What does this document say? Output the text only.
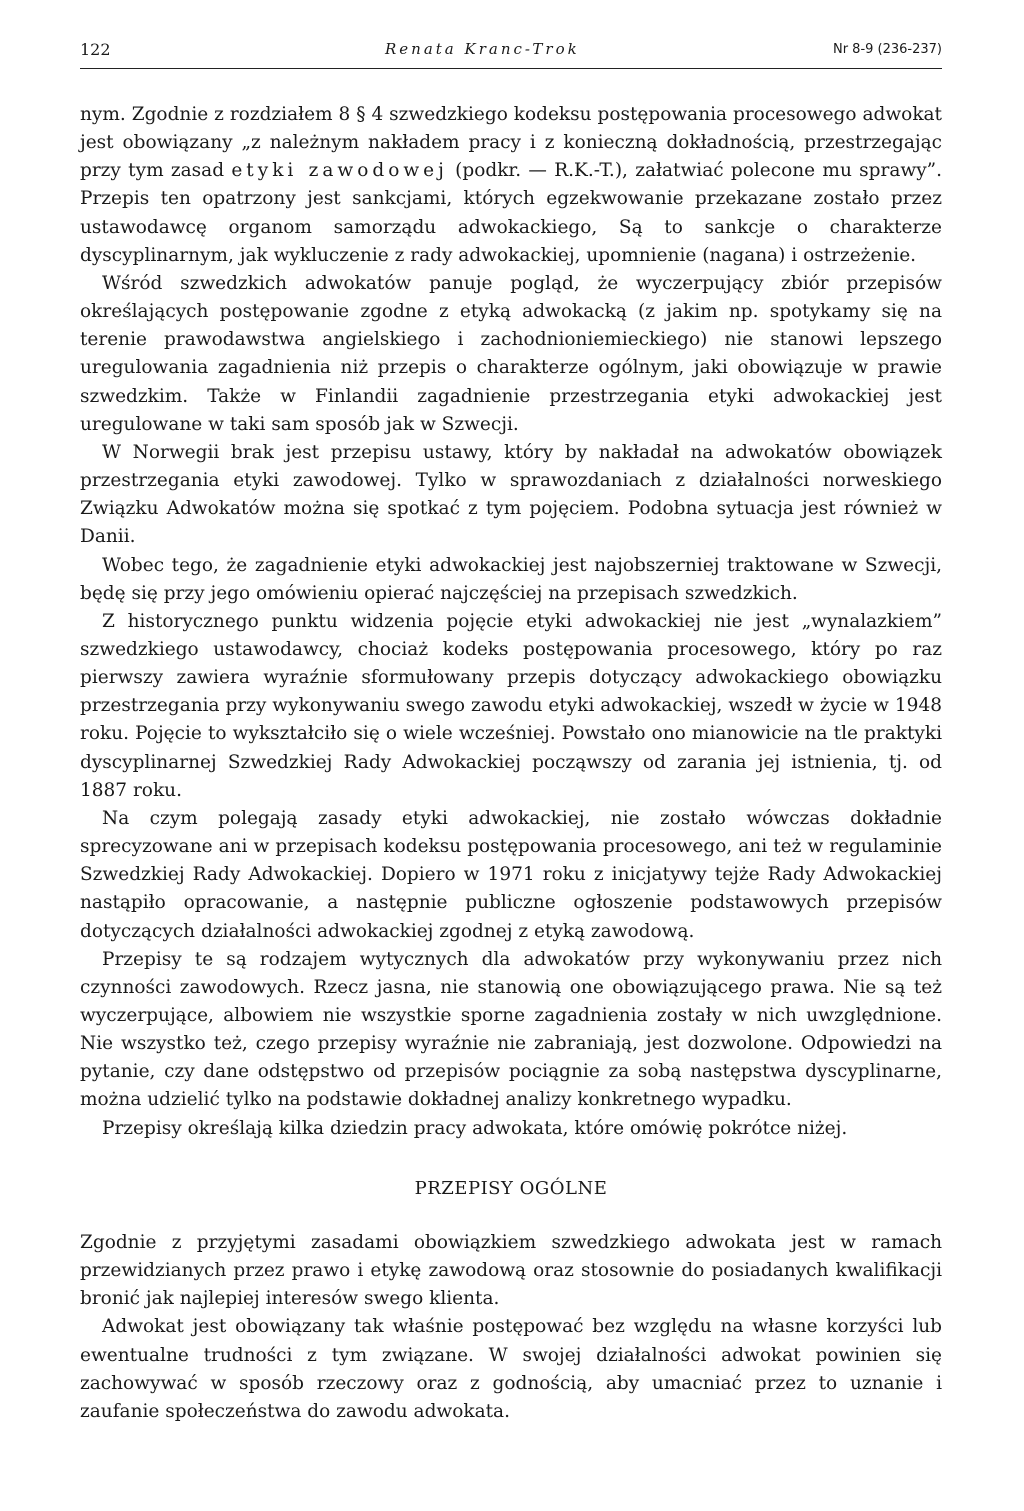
122	Renata Kranc-Trok	Nr 8-9 (236-237)

nym. Zgodnie z rozdziałem 8 § 4 szwedzkiego kodeksu postępowania procesowego adwokat jest obowiązany „z należnym nakładem pracy i z konieczną dokładnością, przestrzegając przy tym zasad etyki zawodowej (podkr. — R.K.-T.), załatwiać polecone mu sprawy”. Przepis ten opatrzony jest sankcjami, których egzekwowanie przekazane zostało przez ustawodawcę organom samorządu adwokackiego, Są to sankcje o charakterze dyscyplinarnym, jak wykluczenie z rady adwokackiej, upomnienie (nagana) i ostrzeżenie.

Wśród szwedzkich adwokatów panuje pogląd, że wyczerpujący zbiór przepisów określających postępowanie zgodne z etyką adwokacką (z jakim np. spotykamy się na terenie prawodawstwa angielskiego i zachodnioniemieckiego) nie stanowi lepszego uregulowania zagadnienia niż przepis o charakterze ogólnym, jaki obowiązuje w prawie szwedzkim. Także w Finlandii zagadnienie przestrzegania etyki adwokackiej jest uregulowane w taki sam sposób jak w Szwecji.

W Norwegii brak jest przepisu ustawy, który by nakładał na adwokatów obowiązek przestrzegania etyki zawodowej. Tylko w sprawozdaniach z działalności norweskiego Związku Adwokatów można się spotkać z tym pojęciem. Podobna sytuacja jest również w Danii.

Wobec tego, że zagadnienie etyki adwokackiej jest najobszerniej traktowane w Szwecji, będę się przy jego omówieniu opierać najczęściej na przepisach szwedzkich.

Z historycznego punktu widzenia pojęcie etyki adwokackiej nie jest „wynalazkiem” szwedzkiego ustawodawcy, chociaż kodeks postępowania procesowego, który po raz pierwszy zawiera wyraźnie sformułowany przepis dotyczący adwokackiego obowiązku przestrzegania przy wykonywaniu swego zawodu etyki adwokackiej, wszedł w życie w 1948 roku. Pojęcie to wykształciło się o wiele wcześniej. Powstało ono mianowicie na tle praktyki dyscyplinarnej Szwedzkiej Rady Adwokackiej począwszy od zarania jej istnienia, tj. od 1887 roku.

Na czym polegają zasady etyki adwokackiej, nie zostało wówczas dokładnie sprecyzowane ani w przepisach kodeksu postępowania procesowego, ani też w regulaminie Szwedzkiej Rady Adwokackiej. Dopiero w 1971 roku z inicjatywy tejże Rady Adwokackiej nastąpiło opracowanie, a następnie publiczne ogłoszenie podstawowych przepisów dotyczących działalności adwokackiej zgodnej z etyką zawodową.

Przepisy te są rodzajem wytycznych dla adwokatów przy wykonywaniu przez nich czynności zawodowych. Rzecz jasna, nie stanowią one obowiązującego prawa. Nie są też wyczerpujące, albowiem nie wszystkie sporne zagadnienia zostały w nich uwzględnione. Nie wszystko też, czego przepisy wyraźnie nie zabraniają, jest dozwolone. Odpowiedzi na pytanie, czy dane odstępstwo od przepisów pociągnie za sobą następstwa dyscyplinarne, można udzielić tylko na podstawie dokładnej analizy konkretnego wypadku.

Przepisy określają kilka dziedzin pracy adwokata, które omówię pokrótce niżej.

PRZEPISY OGÓLNE

Zgodnie z przyjętymi zasadami obowiązkiem szwedzkiego adwokata jest w ramach przewidzianych przez prawo i etykę zawodową oraz stosownie do posiadanych kwalifikacji bronić jak najlepiej interesów swego klienta.

Adwokat jest obowiązany tak właśnie postępować bez względu na własne korzyści lub ewentualne trudności z tym związane. W swojej działalności adwokat powinien się zachowywać w sposób rzeczowy oraz z godnością, aby umacniać przez to uznanie i zaufanie społeczeństwa do zawodu adwokata.
